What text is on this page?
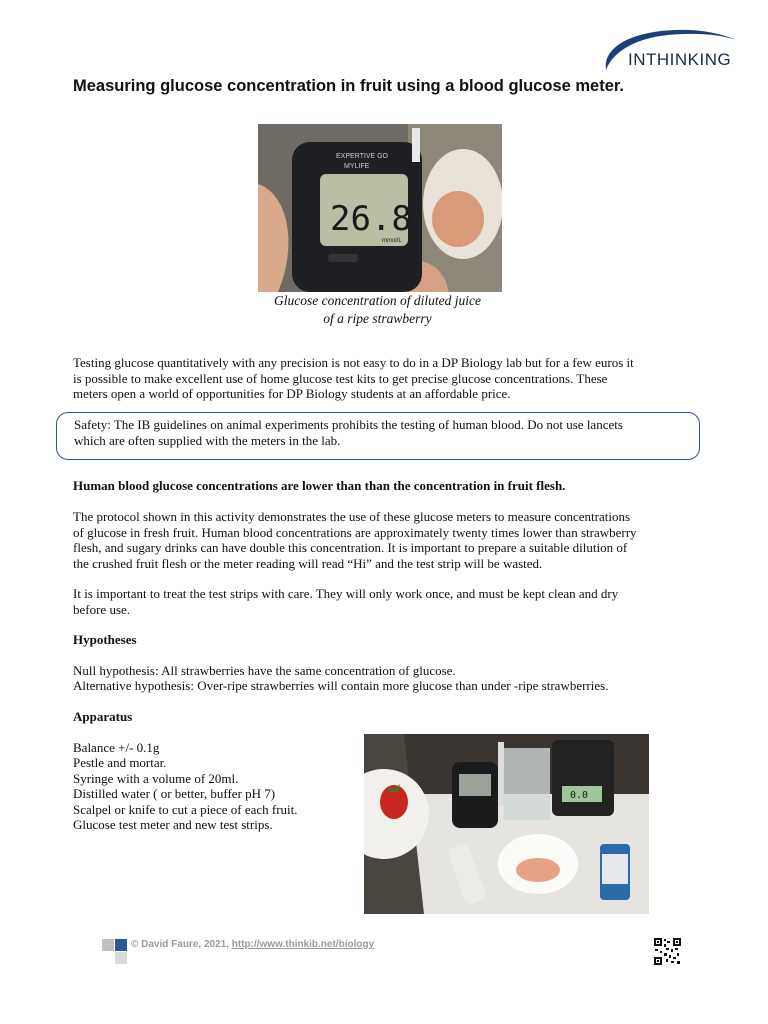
INTHINKING
Measuring glucose concentration in fruit using a blood glucose meter.
EXPERTIVE GO
MYLIFE
26.8
mmol/L
Glucose concentration of diluted juice
of a ripe strawberry
Testing glucose quantitatively with any precision is not easy to do in a DP Biology lab but for a few euros it
is possible to make excellent use of home glucose test kits to get precise glucose concentrations. These
meters open a world of opportunities for DP Biology students at an affordable price.
Safety: The IB guidelines on animal experiments prohibits the testing of human blood. Do not use lancets
which are often supplied with the meters in the lab.
Human blood glucose concentrations are lower than than the concentration in fruit flesh.
The protocol shown in this activity demonstrates the use of these glucose meters to measure concentrations
of glucose in fresh fruit. Human blood concentrations are approximately twenty times lower than strawberry
flesh, and sugary drinks can have double this concentration. It is important to prepare a suitable dilution of
the crushed fruit flesh or the meter reading will read “Hi” and the test strip will be wasted.
It is important to treat the test strips with care. They will only work once, and must be kept clean and dry
before use.
Hypotheses
Null hypothesis: All strawberries have the same concentration of glucose.
Alternative hypothesis: Over-ripe strawberries will contain more glucose than under -ripe strawberries.
Apparatus
Balance +/- 0.1g
Pestle and mortar.
Syringe with a volume of 20ml.
Distilled water ( or better, buffer pH 7)
Scalpel or knife to cut a piece of each fruit.
Glucose test meter and new test strips.
0.0
© David Faure, 2021, http://www.thinkib.net/biology
